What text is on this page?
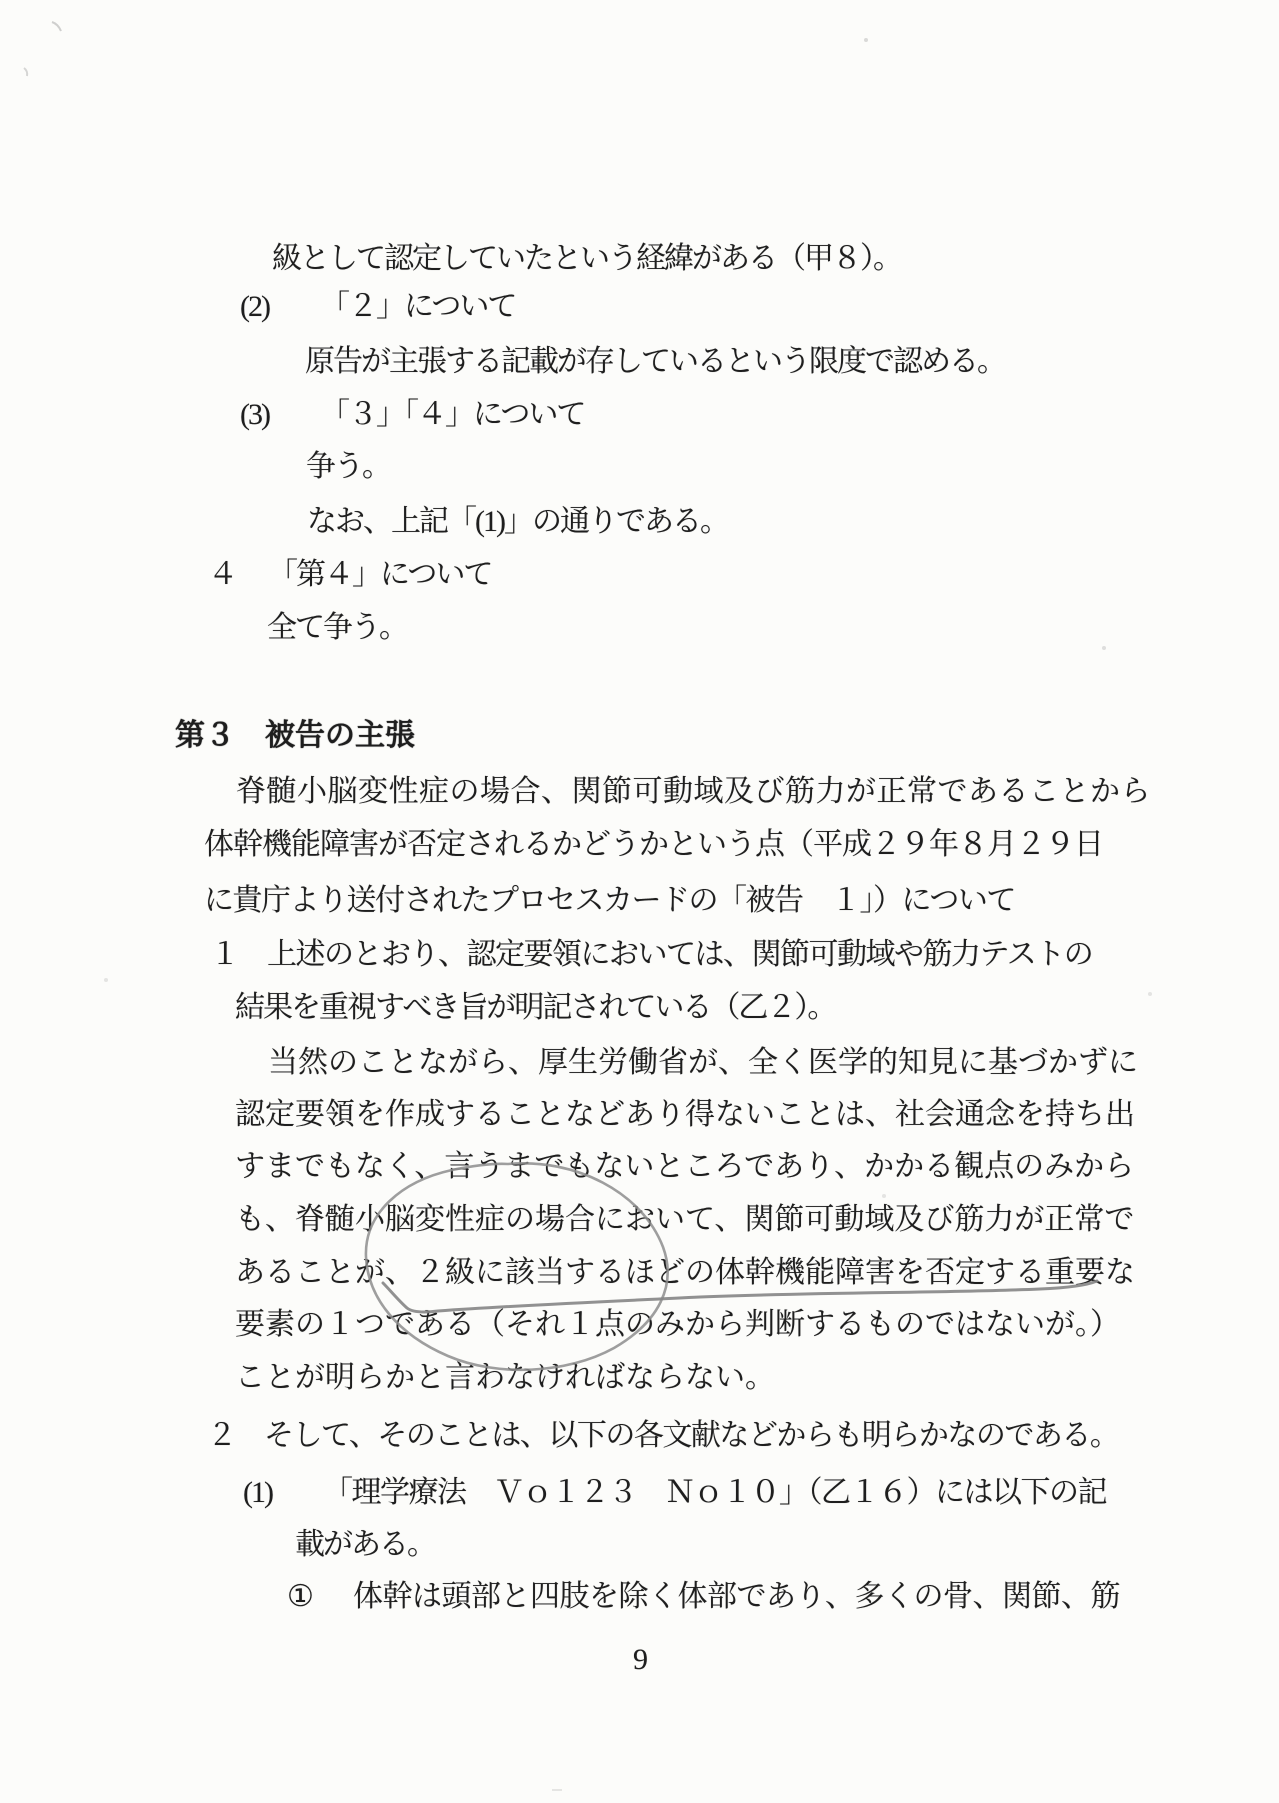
級として認定していたという経緯がある（甲８）。
(2) 「２」について
原告が主張する記載が存しているという限度で認める。
(3) 「３」「４」について
争う。
なお、上記「(1)」の通りである。
４ 「第４」について
全て争う。
第３　被告の主張
脊髄小脳変性症の場合、関節可動域及び筋力が正常であることから
体幹機能障害が否定されるかどうかという点（平成２９年８月２９日
に貴庁より送付されたプロセスカードの「被告　１」）について
１ 上述のとおり、認定要領においては、関節可動域や筋力テストの
結果を重視すべき旨が明記されている（乙２）。
当然のことながら、厚生労働省が、全く医学的知見に基づかずに
認定要領を作成することなどあり得ないことは、社会通念を持ち出
すまでもなく、言うまでもないところであり、かかる観点のみから
も、脊髄小脳変性症の場合において、関節可動域及び筋力が正常で
あることが、２級に該当するほどの体幹機能障害を否定する重要な
要素の１つである（それ１点のみから判断するものではないが。）
ことが明らかと言わなければならない。
２ そして、そのことは、以下の各文献などからも明らかなのである。
(1) 「理学療法　Ｖｏ１２３　Ｎｏ１０」（乙１６）には以下の記
載がある。
① 体幹は頭部と四肢を除く体部であり、多くの骨、関節、筋
9
